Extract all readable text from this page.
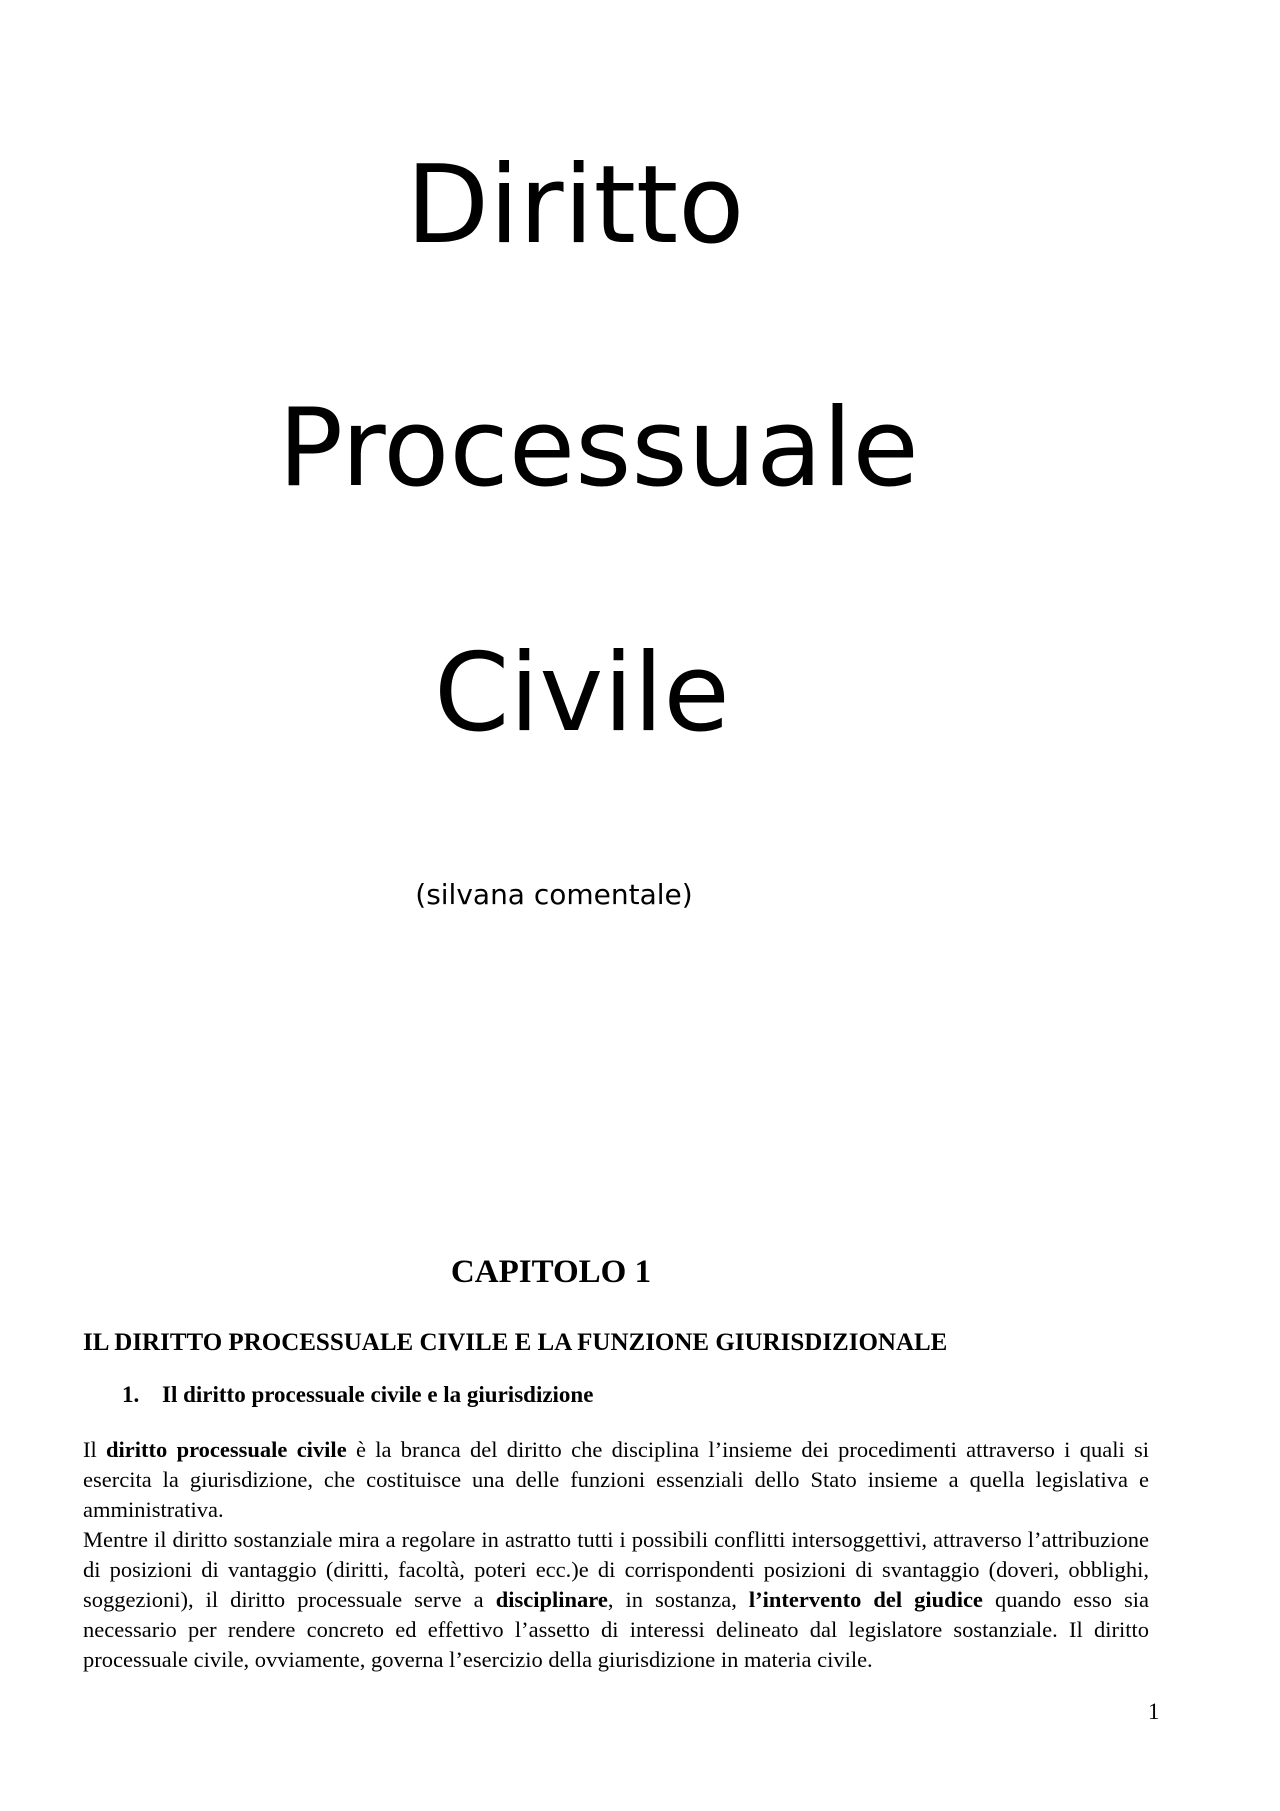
Diritto
Processuale
Civile
(silvana comentale)
CAPITOLO 1
IL DIRITTO PROCESSUALE CIVILE E LA FUNZIONE GIURISDIZIONALE
1. Il diritto processuale civile e la giurisdizione

Il diritto processuale civile è la branca del diritto che disciplina l’insieme dei procedimenti attraverso i quali si esercita la giurisdizione, che costituisce una delle funzioni essenziali dello Stato insieme a quella legislativa e amministrativa.

Mentre il diritto sostanziale mira a regolare in astratto tutti i possibili conflitti intersoggettivi, attraverso l’attribuzione di posizioni di vantaggio (diritti, facoltà, poteri ecc.)e di corrispondenti posizioni di svantaggio (doveri, obblighi, soggezioni), il diritto processuale serve a disciplinare, in sostanza, l’intervento del giudice quando esso sia necessario per rendere concreto ed effettivo l’assetto di interessi delineato dal legislatore sostanziale. Il diritto processuale civile, ovviamente, governa l’esercizio della giurisdizione in materia civile.

1
